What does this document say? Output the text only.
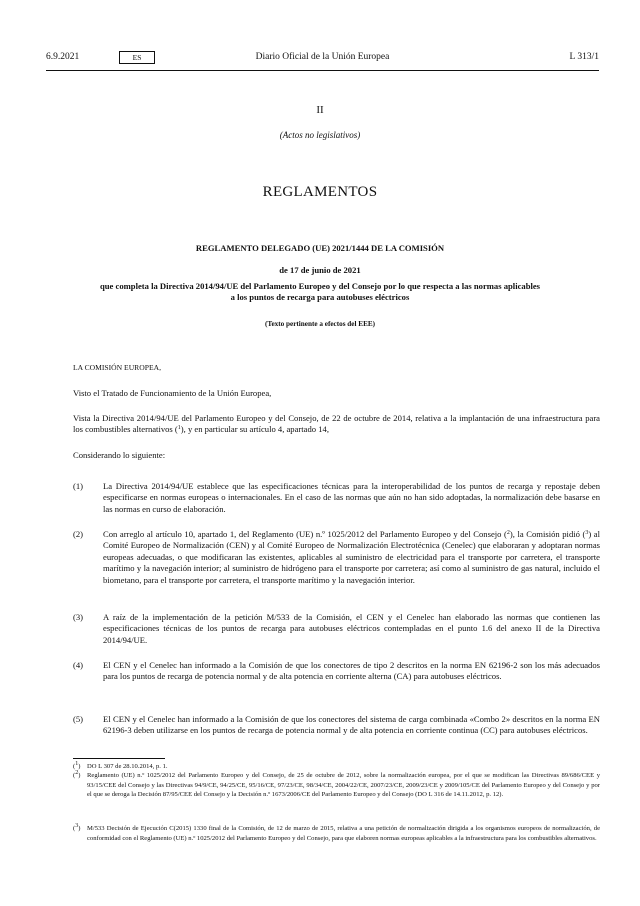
6.9.2021	ES	Diario Oficial de la Unión Europea	L 313/1
II
(Actos no legislativos)
REGLAMENTOS
REGLAMENTO DELEGADO (UE) 2021/1444 DE LA COMISIÓN
de 17 de junio de 2021
que completa la Directiva 2014/94/UE del Parlamento Europeo y del Consejo por lo que respecta a las normas aplicables a los puntos de recarga para autobuses eléctricos
(Texto pertinente a efectos del EEE)
LA COMISIÓN EUROPEA,
Visto el Tratado de Funcionamiento de la Unión Europea,
Vista la Directiva 2014/94/UE del Parlamento Europeo y del Consejo, de 22 de octubre de 2014, relativa a la implantación de una infraestructura para los combustibles alternativos ($^1$), y en particular su artículo 4, apartado 14,
Considerando lo siguiente:
(1) La Directiva 2014/94/UE establece que las especificaciones técnicas para la interoperabilidad de los puntos de recarga y repostaje deben especificarse en normas europeas o internacionales. En el caso de las normas que aún no han sido adoptadas, la normalización debe basarse en las normas en curso de elaboración.
(2) Con arreglo al artículo 10, apartado 1, del Reglamento (UE) n.º 1025/2012 del Parlamento Europeo y del Consejo ($^2$), la Comisión pidió ($^3$) al Comité Europeo de Normalización (CEN) y al Comité Europeo de Normalización Electrotécnica (Cenelec) que elaboraran y adoptaran normas europeas adecuadas, o que modificaran las existentes, aplicables al suministro de electricidad para el transporte por carretera, el transporte marítimo y la navegación interior; al suministro de hidrógeno para el transporte por carretera; así como al suministro de gas natural, incluido el biometano, para el transporte por carretera, el transporte marítimo y la navegación interior.
(3) A raíz de la implementación de la petición M/533 de la Comisión, el CEN y el Cenelec han elaborado las normas que contienen las especificaciones técnicas de los puntos de recarga para autobuses eléctricos contempladas en el punto 1.6 del anexo II de la Directiva 2014/94/UE.
(4) El CEN y el Cenelec han informado a la Comisión de que los conectores de tipo 2 descritos en la norma EN 62196-2 son los más adecuados para los puntos de recarga de potencia normal y de alta potencia en corriente alterna (CA) para autobuses eléctricos.
(5) El CEN y el Cenelec han informado a la Comisión de que los conectores del sistema de carga combinada «Combo 2» descritos en la norma EN 62196-3 deben utilizarse en los puntos de recarga de potencia normal y de alta potencia en corriente continua (CC) para autobuses eléctricos.
($^1$) DO L 307 de 28.10.2014, p. 1.
($^2$) Reglamento (UE) n.º 1025/2012 del Parlamento Europeo y del Consejo, de 25 de octubre de 2012, sobre la normalización europea, por el que se modifican las Directivas 89/686/CEE y 93/15/CEE del Consejo y las Directivas 94/9/CE, 94/25/CE, 95/16/CE, 97/23/CE, 98/34/CE, 2004/22/CE, 2007/23/CE, 2009/23/CE y 2009/105/CE del Parlamento Europeo y del Consejo y por el que se deroga la Decisión 87/95/CEE del Consejo y la Decisión n.º 1673/2006/CE del Parlamento Europeo y del Consejo (DO L 316 de 14.11.2012, p. 12).
($^3$) M/533 Decisión de Ejecución C(2015) 1330 final de la Comisión, de 12 de marzo de 2015, relativa a una petición de normalización dirigida a los organismos europeos de normalización, de conformidad con el Reglamento (UE) n.º 1025/2012 del Parlamento Europeo y del Consejo, para que elaboren normas europeas aplicables a la infraestructura para los combustibles alternativos.
